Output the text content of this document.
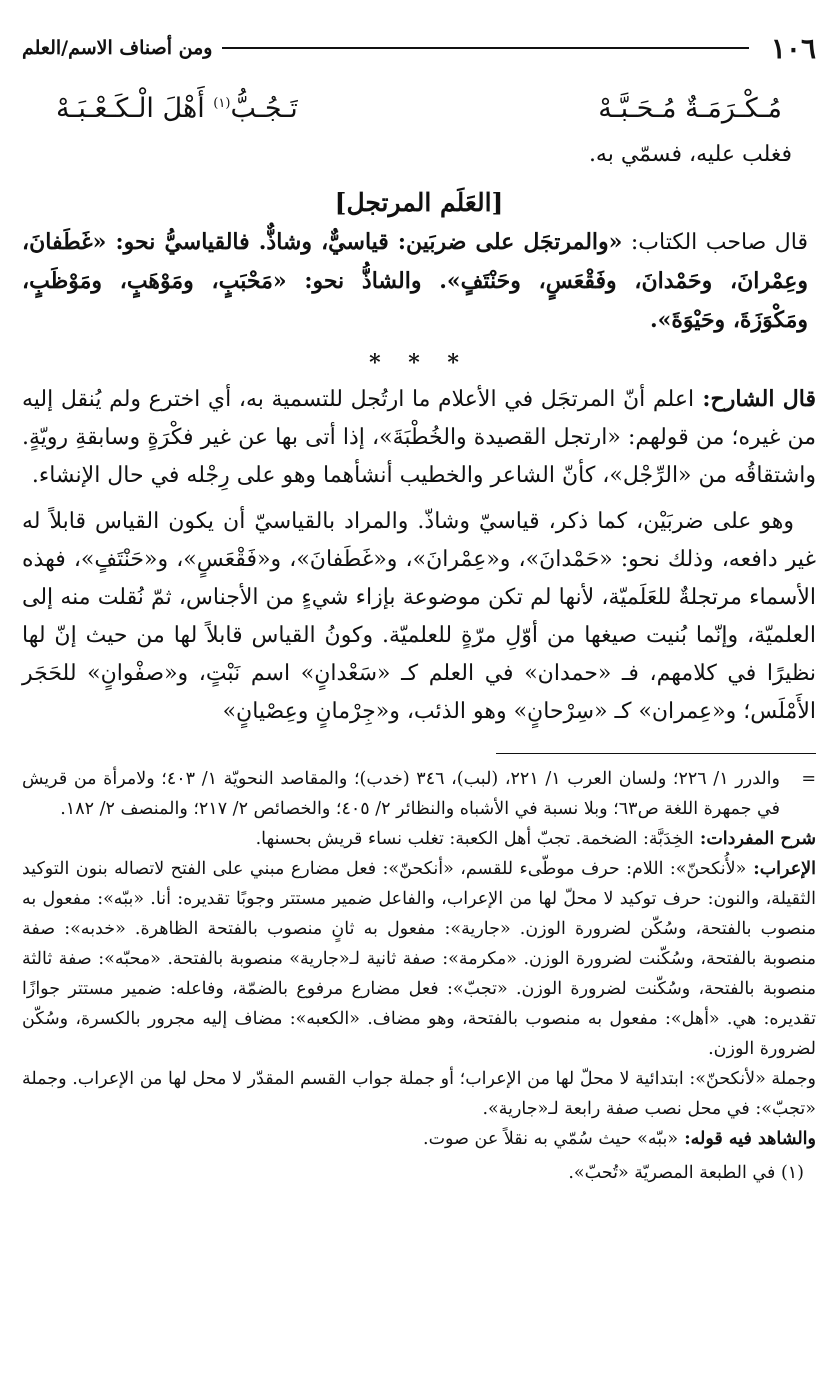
١٠٦
ومن أصناف الاسم/العلم
مُـكْـرَمَـةٌ مُـحَـبَّـهْ
تَـجُـبُّ$^{(١)}$ أَهْلَ الْـكَـعْـبَـهْ
فغلب عليه، فسمّي به.
[العَلَم المرتجل]
قال صاحب الكتاب: «والمرتجَل على ضربَين: قياسيٌّ، وشاذٌّ. فالقياسيُّ نحو: «غَطَفانَ، وعِمْرانَ، وحَمْدانَ، وفَقْعَسٍ، وحَنْتَفٍ». والشاذُّ نحو: «مَحْبَبٍ، ومَوْهَبٍ، ومَوْظَبٍ، ومَكْوَزَةَ، وحَيْوَةَ».
* * *

قال الشارح: اعلم أنّ المرتجَل في الأعلام ما ارتُجل للتسمية به، أي اخترع ولم يُنقل إليه من غيره؛ من قولهم: «ارتجل القصيدة والخُطْبَةَ»، إذا أتى بها عن غير فكْرَةٍ وسابقةِ رويّةٍ. واشتقاقُه من «الرِّجْل»، كأنّ الشاعر والخطيب أنشأهما وهو على رِجْله في حال الإنشاء.

وهو على ضربَيْن، كما ذكر، قياسيّ وشاذّ. والمراد بالقياسيّ أن يكون القياس قابلاً له غير دافعه، وذلك نحو: «حَمْدانَ»، و«عِمْرانَ»، و«غَطَفانَ»، و«فَقْعَسٍ»، و«حَنْتَفٍ»، فهذه الأسماء مرتجلةٌ للعَلَميّة، لأنها لم تكن موضوعة بإزاء شيءٍ من الأجناس، ثمّ نُقلت منه إلى العلميّة، وإنّما بُنيت صيغها من أوّلِ مرّةٍ للعلميّة. وكونُ القياس قابلاً لها من حيث إنّ لها نظيرًا في كلامهم، فـ «حمدان» في العلم كـ «سَعْدانٍ» اسم نَبْتٍ، و«صفْوانٍ» للحَجَر الأَمْلَس؛ و«عِمران» كـ «سِرْحانٍ» وهو الذئب، و«جِرْمانٍ وعِصْيانٍ»

=
والدرر ١/ ٢٢٦؛ ولسان العرب ١/ ٢٢١، (لبب)، ٣٤٦ (خدب)؛ والمقاصد النحويّة ١/ ٤٠٣؛ ولامرأة من قريش في جمهرة اللغة ص٦٣؛ وبلا نسبة في الأشباه والنظائر ٢/ ٤٠٥؛ والخصائص ٢/ ٢١٧؛ والمنصف ٢/ ١٨٢.

شرح المفردات: الخِدَبَّة: الضخمة. تجبّ أهل الكعبة: تغلب نساء قريش بحسنها.

الإعراب: «لأُنكحنّ»: اللام: حرف موطّىء للقسم، «أنكحنّ»: فعل مضارع مبني على الفتح لاتصاله بنون التوكيد الثقيلة، والنون: حرف توكيد لا محلّ لها من الإعراب، والفاعل ضمير مستتر وجوبًا تقديره: أنا. «ببّه»: مفعول به منصوب بالفتحة، وسُكّن لضرورة الوزن. «جارية»: مفعول به ثانٍ منصوب بالفتحة الظاهرة. «خدبه»: صفة منصوبة بالفتحة، وسُكّنت لضرورة الوزن. «مكرمة»: صفة ثانية لـ«جارية» منصوبة بالفتحة. «محبّه»: صفة ثالثة منصوبة بالفتحة، وسُكّنت لضرورة الوزن. «تجبّ»: فعل مضارع مرفوع بالضمّة، وفاعله: ضمير مستتر جوازًا تقديره: هي. «أهل»: مفعول به منصوب بالفتحة، وهو مضاف. «الكعبه»: مضاف إليه مجرور بالكسرة، وسُكّن لضرورة الوزن.

وجملة «لأنكحنّ»: ابتدائية لا محلّ لها من الإعراب؛ أو جملة جواب القسم المقدّر لا محل لها من الإعراب. وجملة «تجبّ»: في محل نصب صفة رابعة لـ«جارية».

والشاهد فيه قوله: «ببّه» حيث سُمّي به نقلاً عن صوت.

(١) في الطبعة المصريّة «تُحبّ».
